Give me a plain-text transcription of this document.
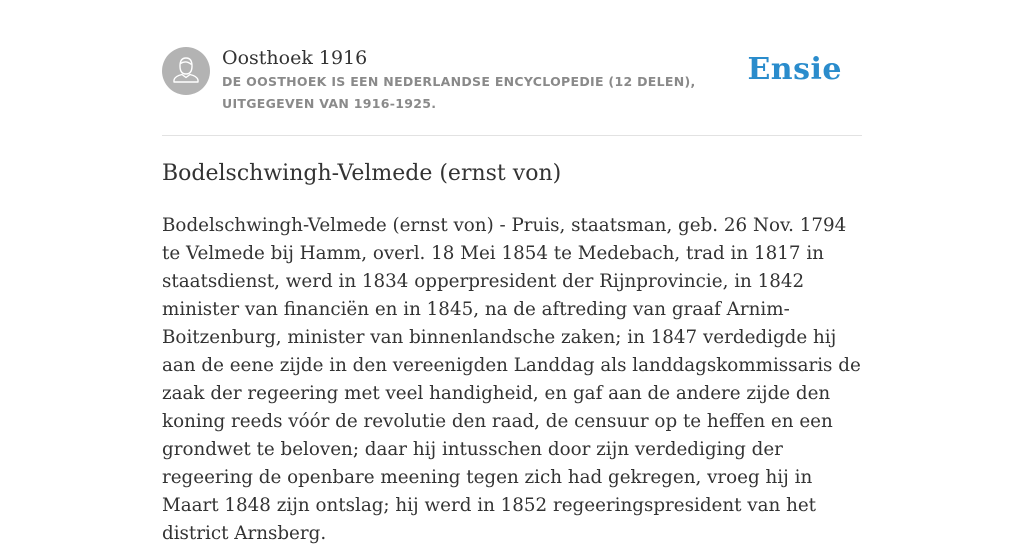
Oosthoek 1916

DE OOSTHOEK IS EEN NEDERLANDSE ENCYCLOPEDIE (12 DELEN), UITGEGEVEN VAN 1916-1925.

Ensie
Bodelschwingh-Velmede (ernst von)

Bodelschwingh-Velmede (ernst von) - Pruis, staatsman, geb. 26 Nov. 1794 te Velmede bij Hamm, overl. 18 Mei 1854 te Medebach, trad in 1817 in staatsdienst, werd in 1834 opperpresident der Rijnprovincie, in 1842 minister van financiën en in 1845, na de aftreding van graaf Arnim-Boitzenburg, minister van binnenlandsche zaken; in 1847 verdedigde hij aan de eene zijde in den vereenigden Landdag als landdagskommissaris de zaak der regeering met veel handigheid, en gaf aan de andere zijde den koning reeds vóór de revolutie den raad, de censuur op te heffen en een grondwet te beloven; daar hij intusschen door zijn verdediging der regeering de openbare meening tegen zich had gekregen, vroeg hij in Maart 1848 zijn ontslag; hij werd in 1852 regeeringspresident van het district Arnsberg.
